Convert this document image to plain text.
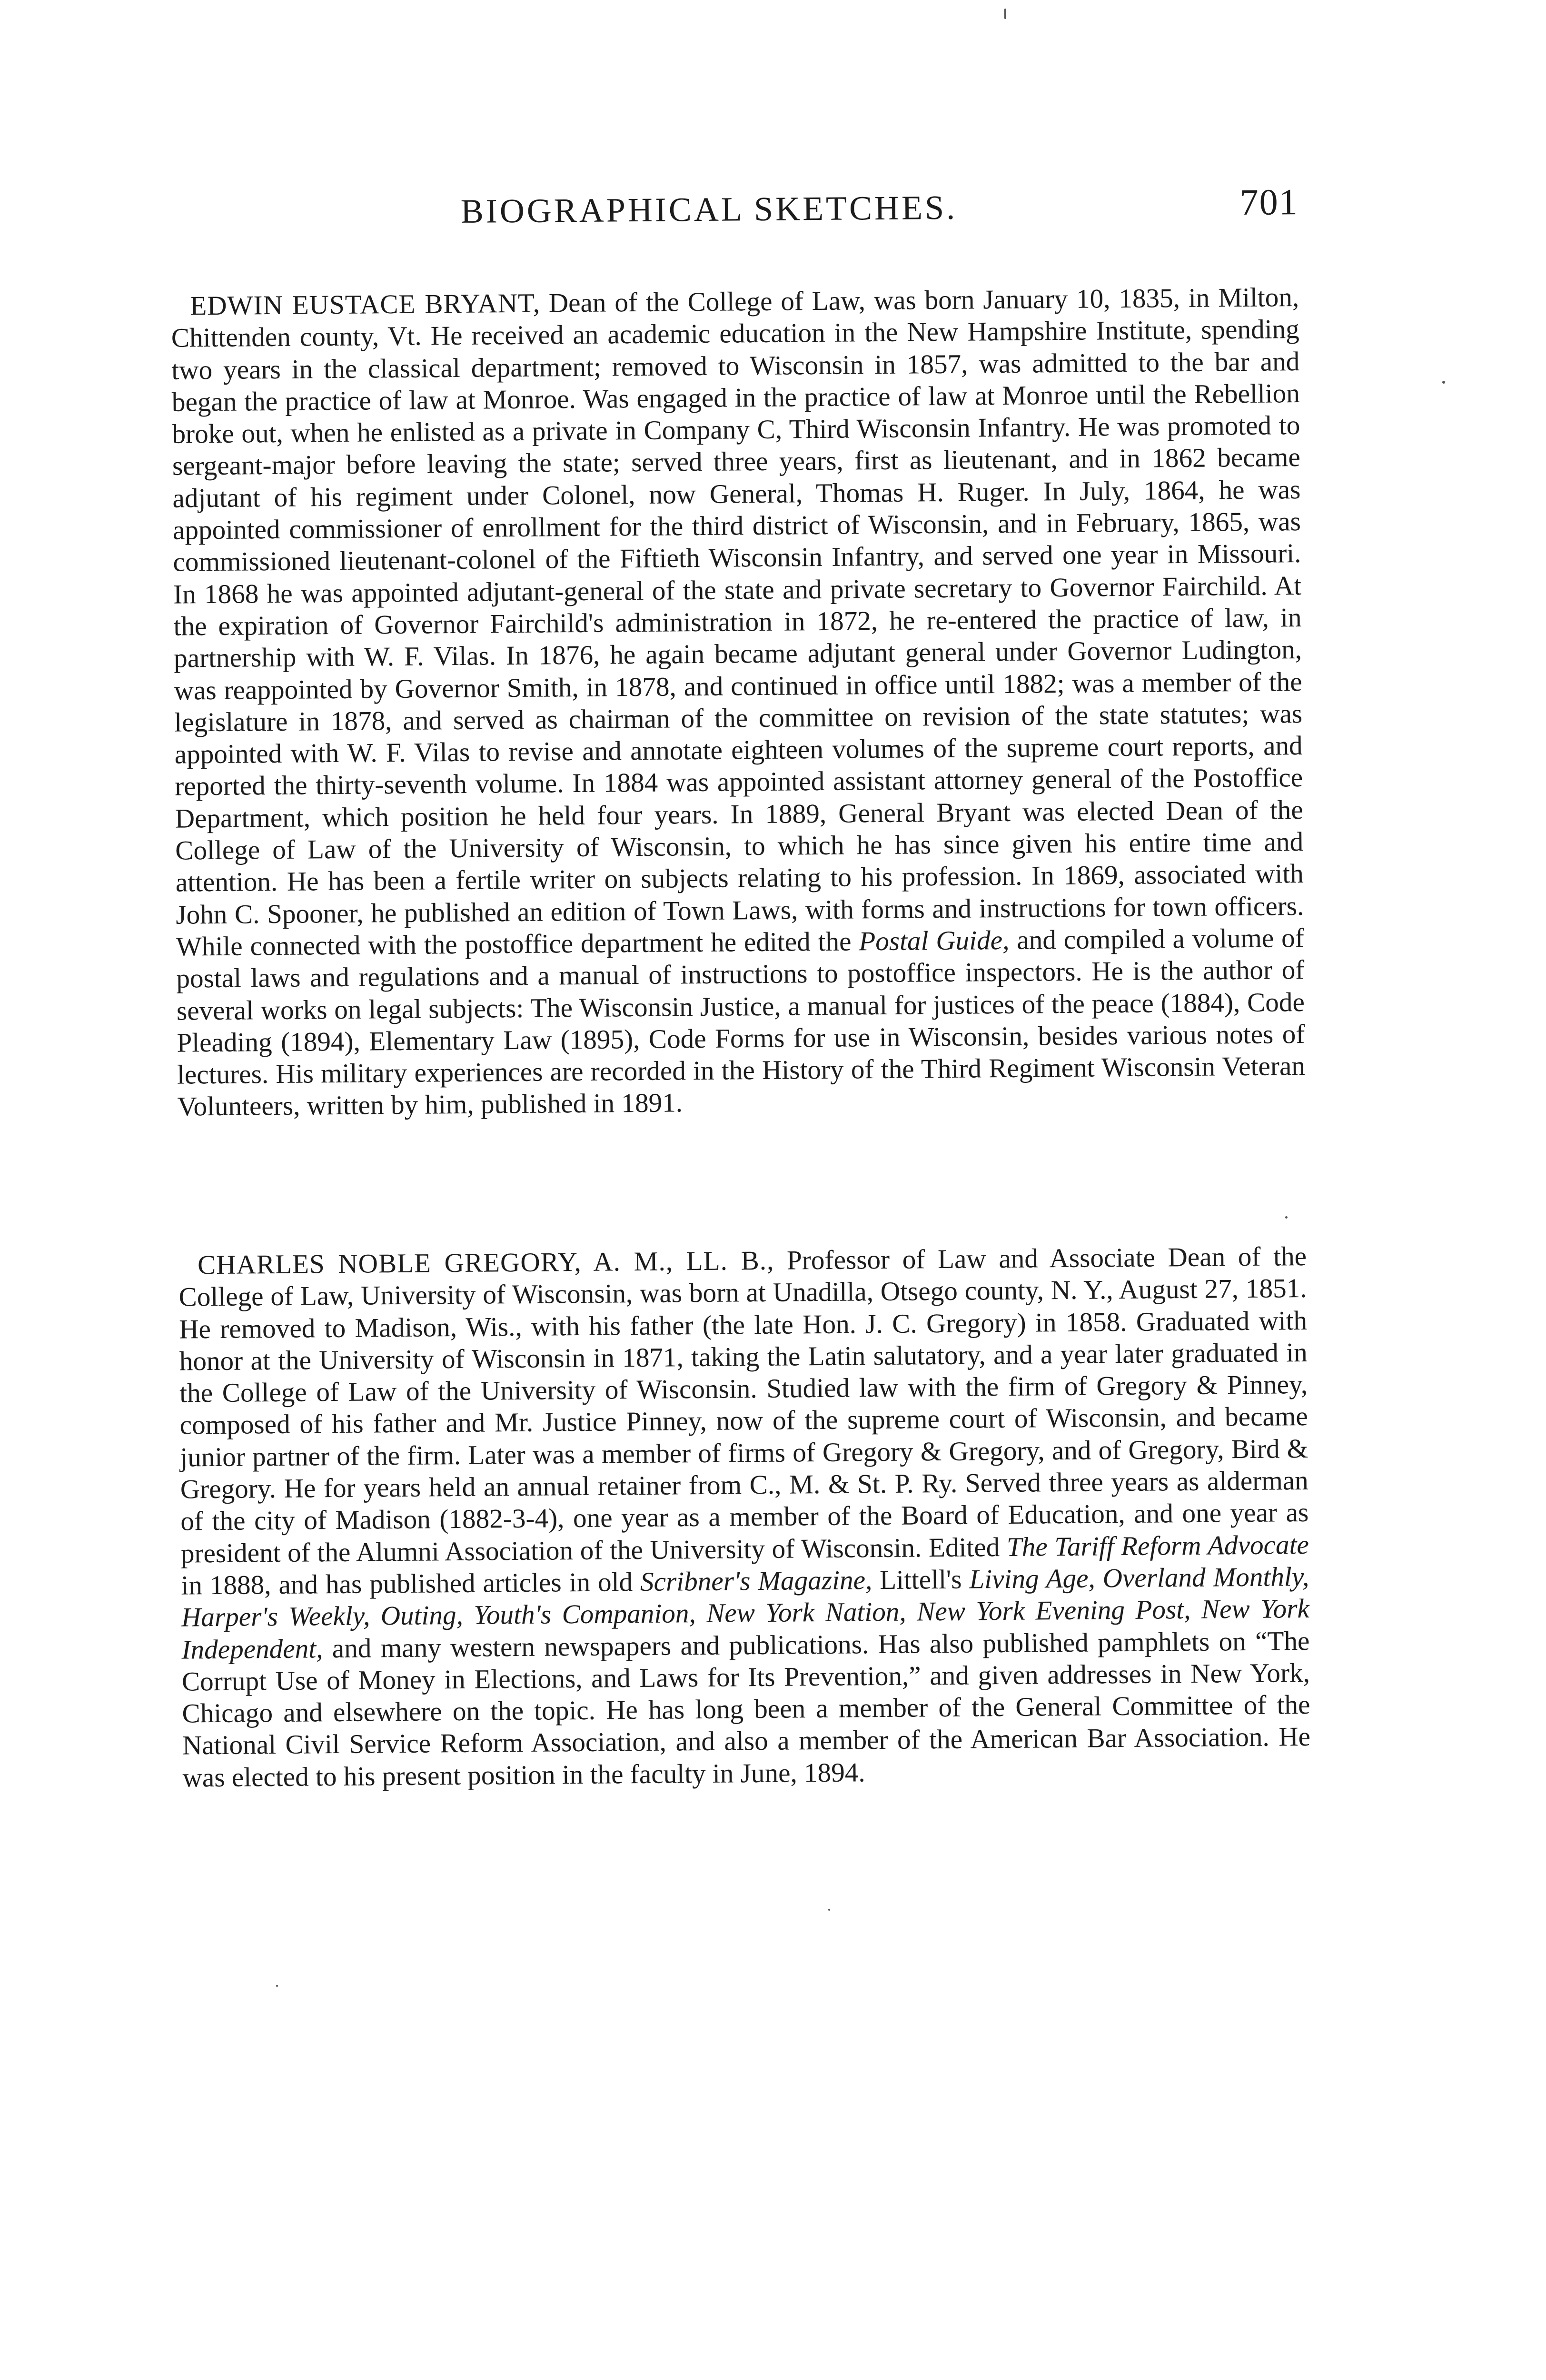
BIOGRAPHICAL SKETCHES.	701

EDWIN EUSTACE BRYANT, Dean of the College of Law, was born January 10, 1835, in Milton, Chittenden county, Vt. He received an academic education in the New Hampshire Institute, spending two years in the classical department; removed to Wisconsin in 1857, was admitted to the bar and began the practice of law at Monroe. Was engaged in the practice of law at Monroe until the Rebellion broke out, when he enlisted as a private in Company C, Third Wisconsin Infantry. He was promoted to sergeant-major before leaving the state; served three years, first as lieutenant, and in 1862 became adjutant of his regiment under Colonel, now General, Thomas H. Ruger. In July, 1864, he was appointed commissioner of enrollment for the third district of Wisconsin, and in February, 1865, was commissioned lieutenant-colonel of the Fiftieth Wisconsin Infantry, and served one year in Missouri. In 1868 he was appointed adjutant-general of the state and private secretary to Governor Fairchild. At the expiration of Governor Fairchild's administration in 1872, he re-entered the practice of law, in partnership with W. F. Vilas. In 1876, he again became adjutant general under Governor Ludington, was reappointed by Governor Smith, in 1878, and continued in office until 1882; was a member of the legislature in 1878, and served as chairman of the committee on revision of the state statutes; was appointed with W. F. Vilas to revise and annotate eighteen volumes of the supreme court reports, and reported the thirty-seventh volume. In 1884 was appointed assistant attorney general of the Postoffice Department, which position he held four years. In 1889, General Bryant was elected Dean of the College of Law of the University of Wisconsin, to which he has since given his entire time and attention. He has been a fertile writer on subjects relating to his profession. In 1869, associated with John C. Spooner, he published an edition of Town Laws, with forms and instructions for town officers. While connected with the postoffice department he edited the Postal Guide, and compiled a volume of postal laws and regulations and a manual of instructions to postoffice inspectors. He is the author of several works on legal subjects: The Wisconsin Justice, a manual for justices of the peace (1884), Code Pleading (1894), Elementary Law (1895), Code Forms for use in Wisconsin, besides various notes of lectures. His military experiences are recorded in the History of the Third Regiment Wisconsin Veteran Volunteers, written by him, published in 1891.

CHARLES NOBLE GREGORY, A. M., LL. B., Professor of Law and Associate Dean of the College of Law, University of Wisconsin, was born at Unadilla, Otsego county, N. Y., August 27, 1851. He removed to Madison, Wis., with his father (the late Hon. J. C. Gregory) in 1858. Graduated with honor at the University of Wisconsin in 1871, taking the Latin salutatory, and a year later graduated in the College of Law of the University of Wisconsin. Studied law with the firm of Gregory & Pinney, composed of his father and Mr. Justice Pinney, now of the supreme court of Wisconsin, and became junior partner of the firm. Later was a member of firms of Gregory & Gregory, and of Gregory, Bird & Gregory. He for years held an annual retainer from C., M. & St. P. Ry. Served three years as alderman of the city of Madison (1882-3-4), one year as a member of the Board of Education, and one year as president of the Alumni Association of the University of Wisconsin. Edited The Tariff Reform Advocate in 1888, and has published articles in old Scribner's Magazine, Littell's Living Age, Overland Monthly, Harper's Weekly, Outing, Youth's Companion, New York Nation, New York Evening Post, New York Independent, and many western newspapers and publications. Has also published pamphlets on “The Corrupt Use of Money in Elections, and Laws for Its Prevention,” and given addresses in New York, Chicago and elsewhere on the topic. He has long been a member of the General Committee of the National Civil Service Reform Association, and also a member of the American Bar Association. He was elected to his present position in the faculty in June, 1894.
